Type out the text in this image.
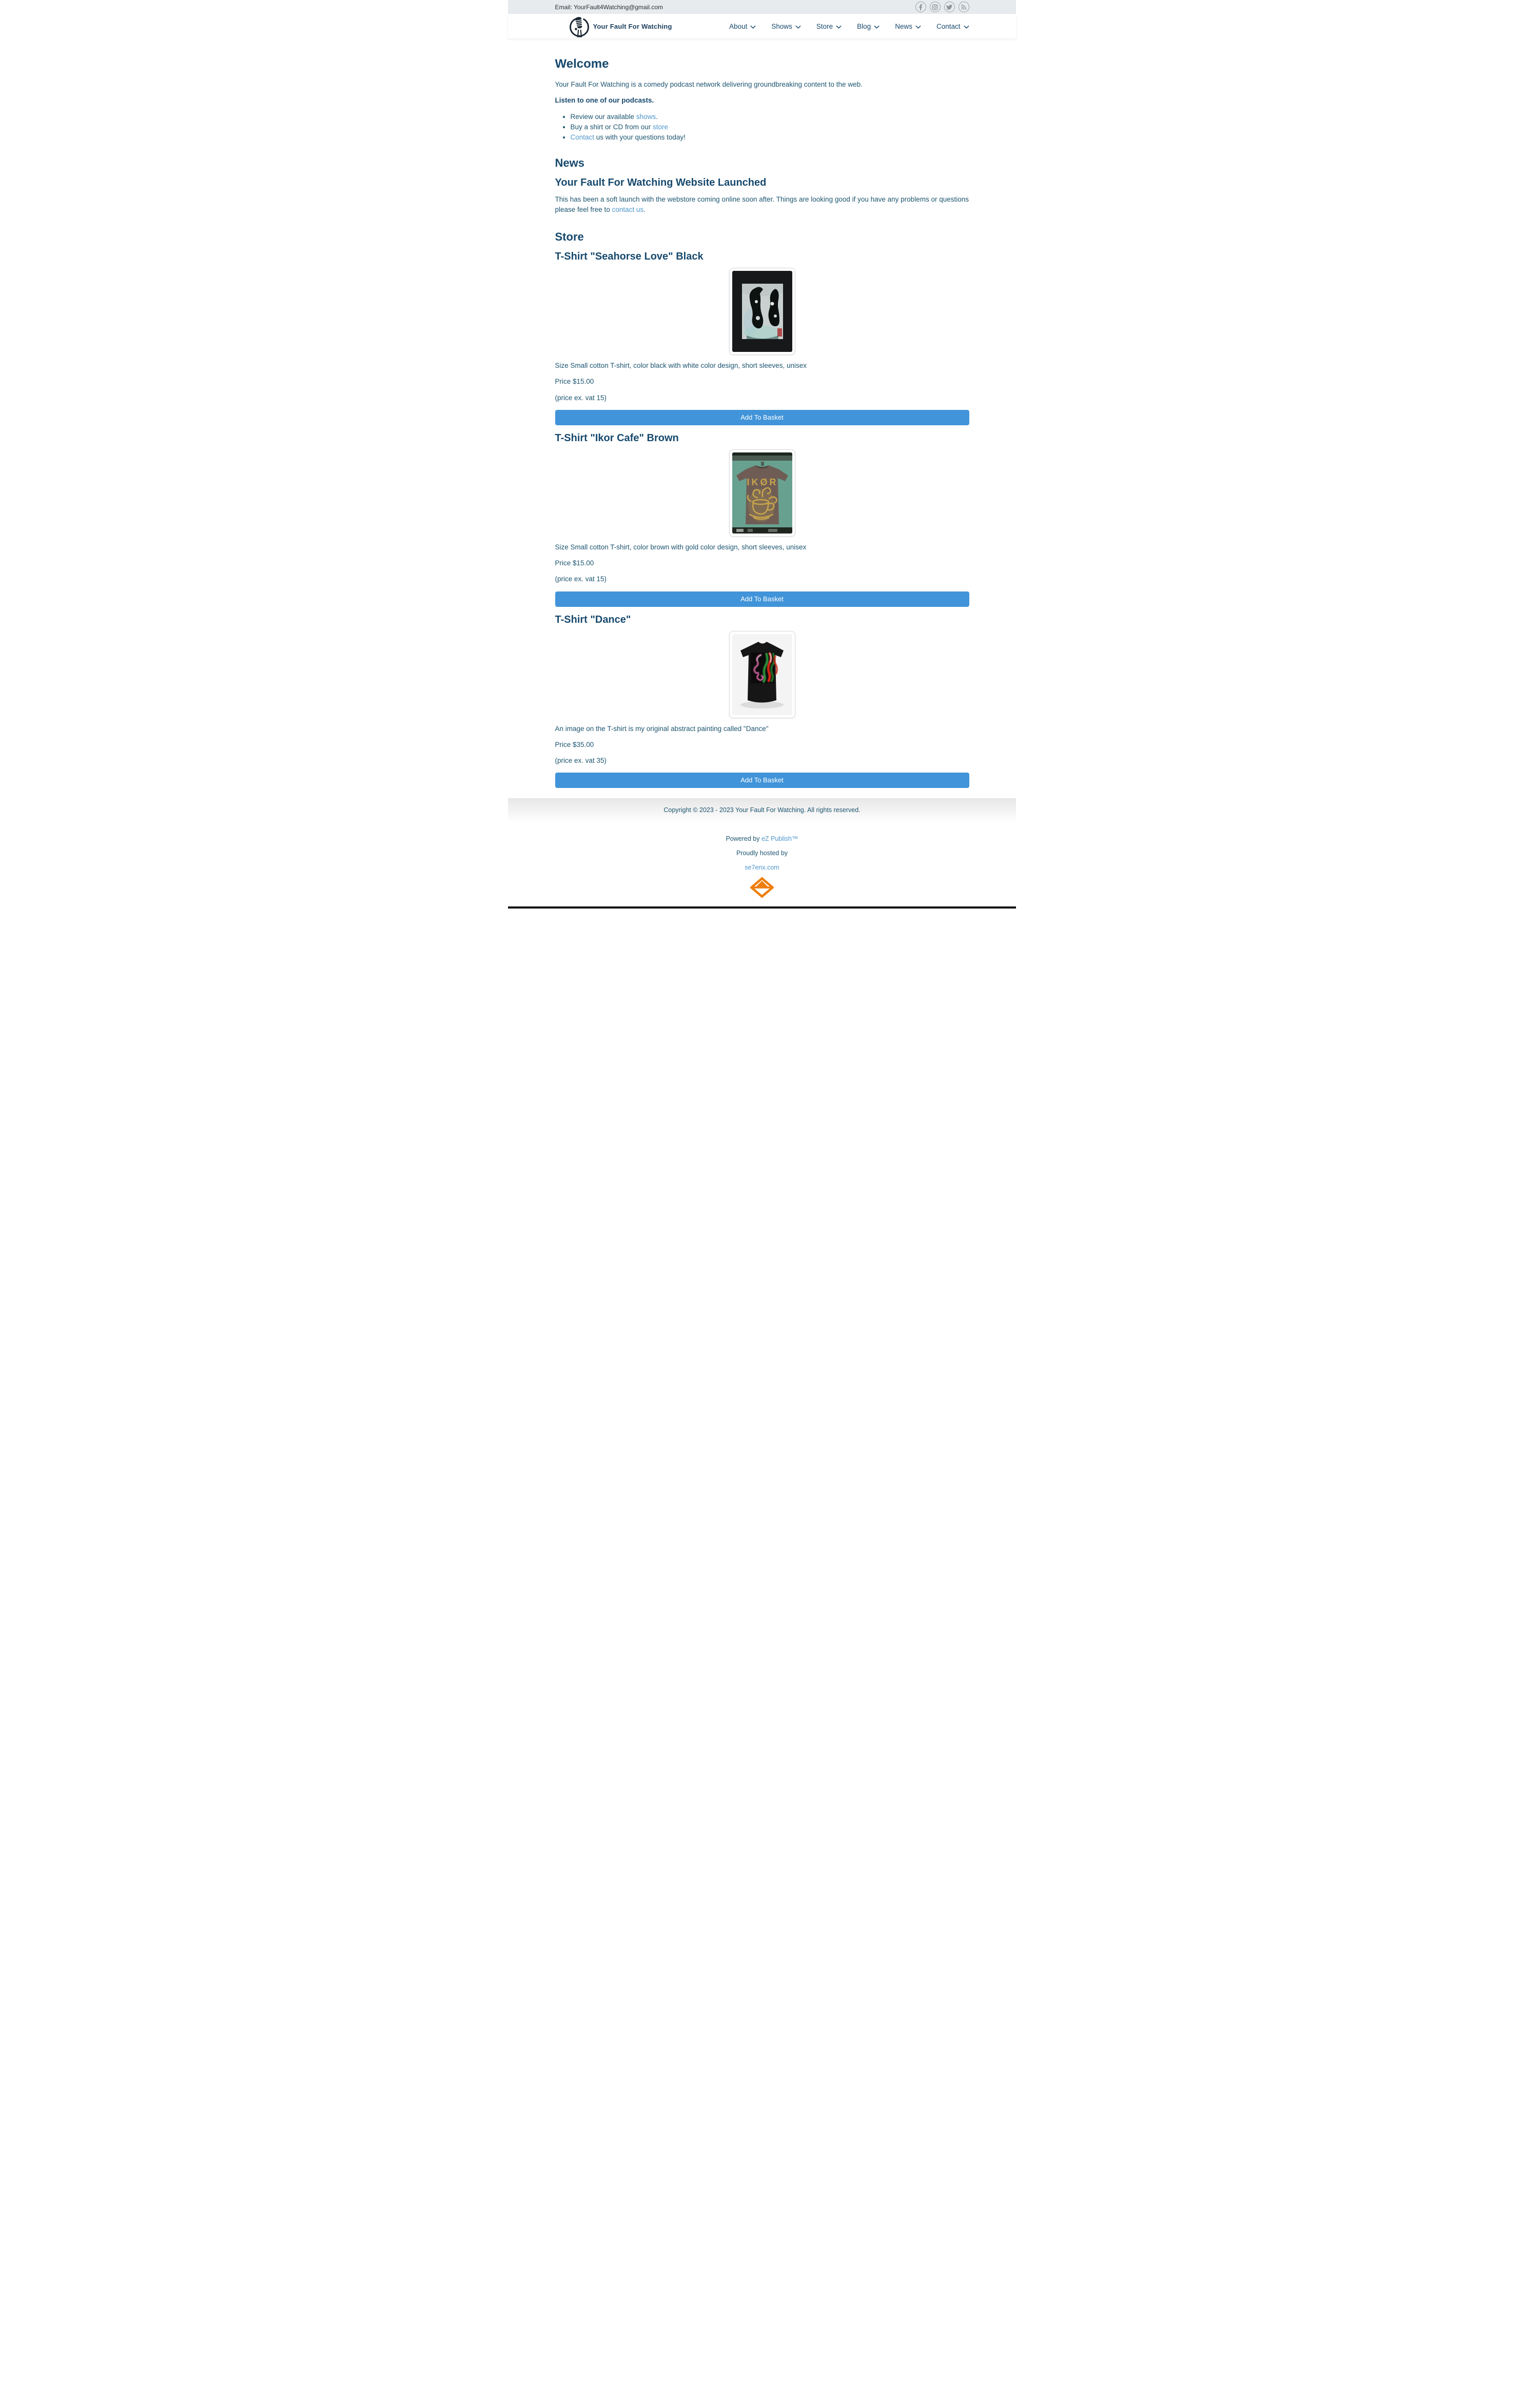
Email: YourFault4Watching@gmail.com
Your Fault For Watching	About	Shows	Store	Blog	News	Contact
Welcome

Your Fault For Watching is a comedy podcast network delivering groundbreaking content to the web.

Listen to one of our podcasts.

• Review our available shows.
• Buy a shirt or CD from our store
• Contact us with your questions today!
News
Your Fault For Watching Website Launched

This has been a soft launch with the webstore coming online soon after. Things are looking good if you have any problems or questions please feel free to contact us.

Store
T-Shirt "Seahorse Love" Black

Size Small cotton T-shirt, color black with white color design, short sleeves, unisex

Price $15.00

(price ex. vat 15)

Add To Basket
T-Shirt "Ikor Cafe" Brown
IKØR

Size Small cotton T-shirt, color brown with gold color design, short sleeves, unisex

Price $15.00

(price ex. vat 15)

Add To Basket
T-Shirt "Dance"

An image on the T-shirt is my original abstract painting called "Dance"

Price $35.00

(price ex. vat 35)

Add To Basket

Copyright © 2023 - 2023 Your Fault For Watching. All rights reserved.

Powered by eZ Publish™

Proudly hosted by

se7enx.com
